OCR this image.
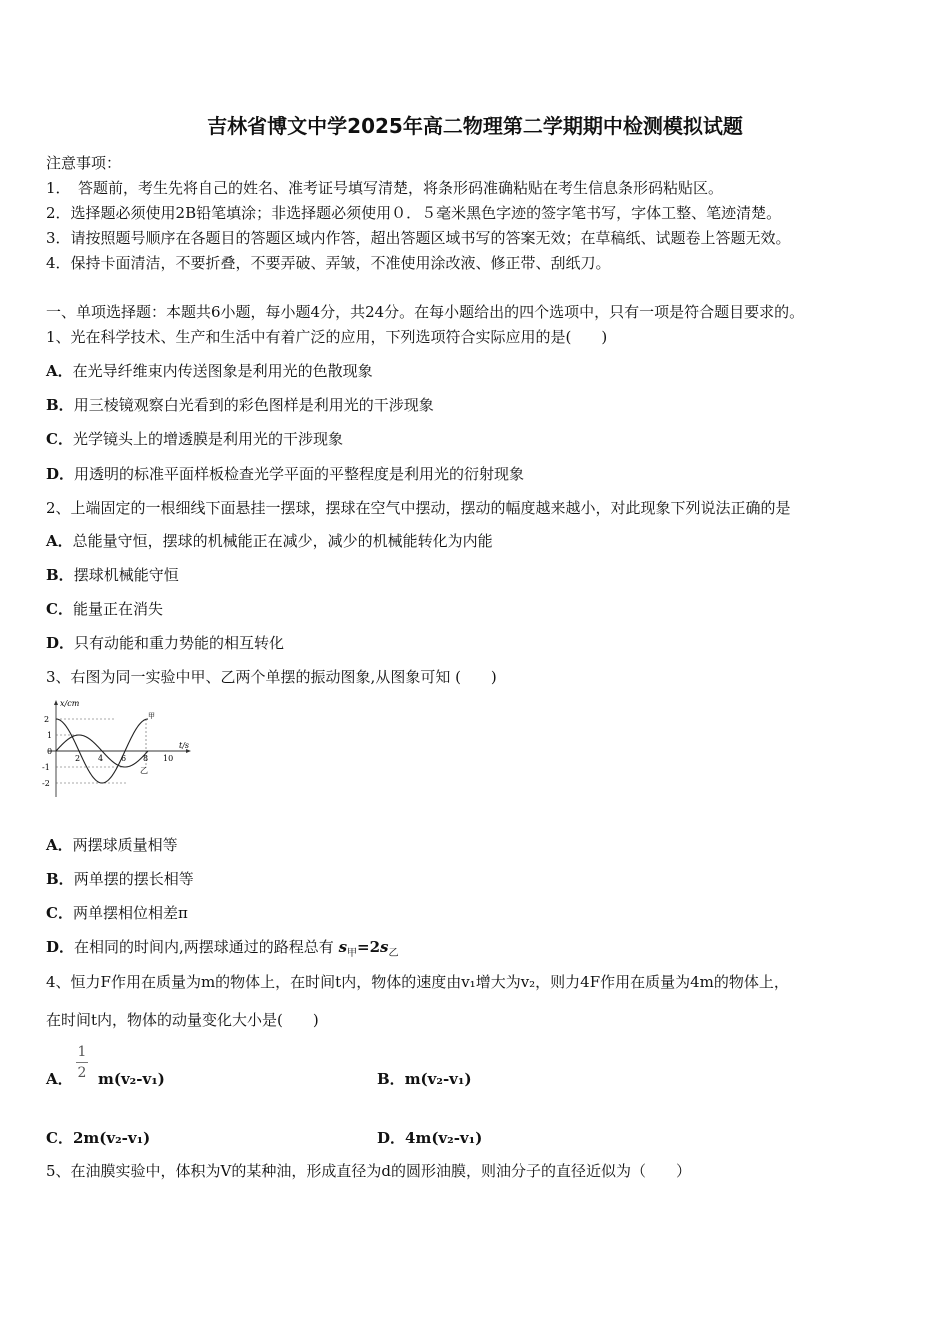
吉林省博文中学2025年高二物理第二学期期中检测模拟试题
注意事项：
1．　答题前，考生先将自己的姓名、准考证号填写清楚，将条形码准确粘贴在考生信息条形码粘贴区。
2．选择题必须使用2B铅笔填涂；非选择题必须使用０．５毫米黑色字迹的签字笔书写，字体工整、笔迹清楚。
3．请按照题号顺序在各题目的答题区域内作答，超出答题区域书写的答案无效；在草稿纸、试题卷上答题无效。
4．保持卡面清洁，不要折叠，不要弄破、弄皱，不准使用涂改液、修正带、刮纸刀。
一、单项选择题：本题共6小题，每小题4分，共24分。在每小题给出的四个选项中，只有一项是符合题目要求的。
1、光在科学技术、生产和生活中有着广泛的应用，下列选项符合实际应用的是(　　)
A．在光导纤维束内传送图象是利用光的色散现象
B．用三棱镜观察白光看到的彩色图样是利用光的干涉现象
C．光学镜头上的增透膜是利用光的干涉现象
D．用透明的标准平面样板检查光学平面的平整程度是利用光的衍射现象
2、上端固定的一根细线下面悬挂一摆球，摆球在空气中摆动，摆动的幅度越来越小，对此现象下列说法正确的是
A．总能量守恒，摆球的机械能正在减少，减少的机械能转化为内能
B．摆球机械能守恒
C．能量正在消失
D．只有动能和重力势能的相互转化
3、右图为同一实验中甲、乙两个单摆的振动图象,从图象可知 (　　)
x/cm
t/s
2
1
0
-1
-2
2 4 6 8 10
甲
乙
A．两摆球质量相等
B．两单摆的摆长相等
C．两单摆相位相差π
D．在相同的时间内,两摆球通过的路程总有 $s_甲=2s_乙$
4、恒力F作用在质量为m的物体上，在时间t内，物体的速度由v₁增大为v₂，则力4F作用在质量为4m的物体上，
在时间t内，物体的动量变化大小是(　　)
1
2
A． m(v₂-v₁)	B．m(v₂-v₁)
C．2m(v₂-v₁)	D．4m(v₂-v₁)
5、在油膜实验中，体积为V的某种油，形成直径为d的圆形油膜，则油分子的直径近似为（　　）
